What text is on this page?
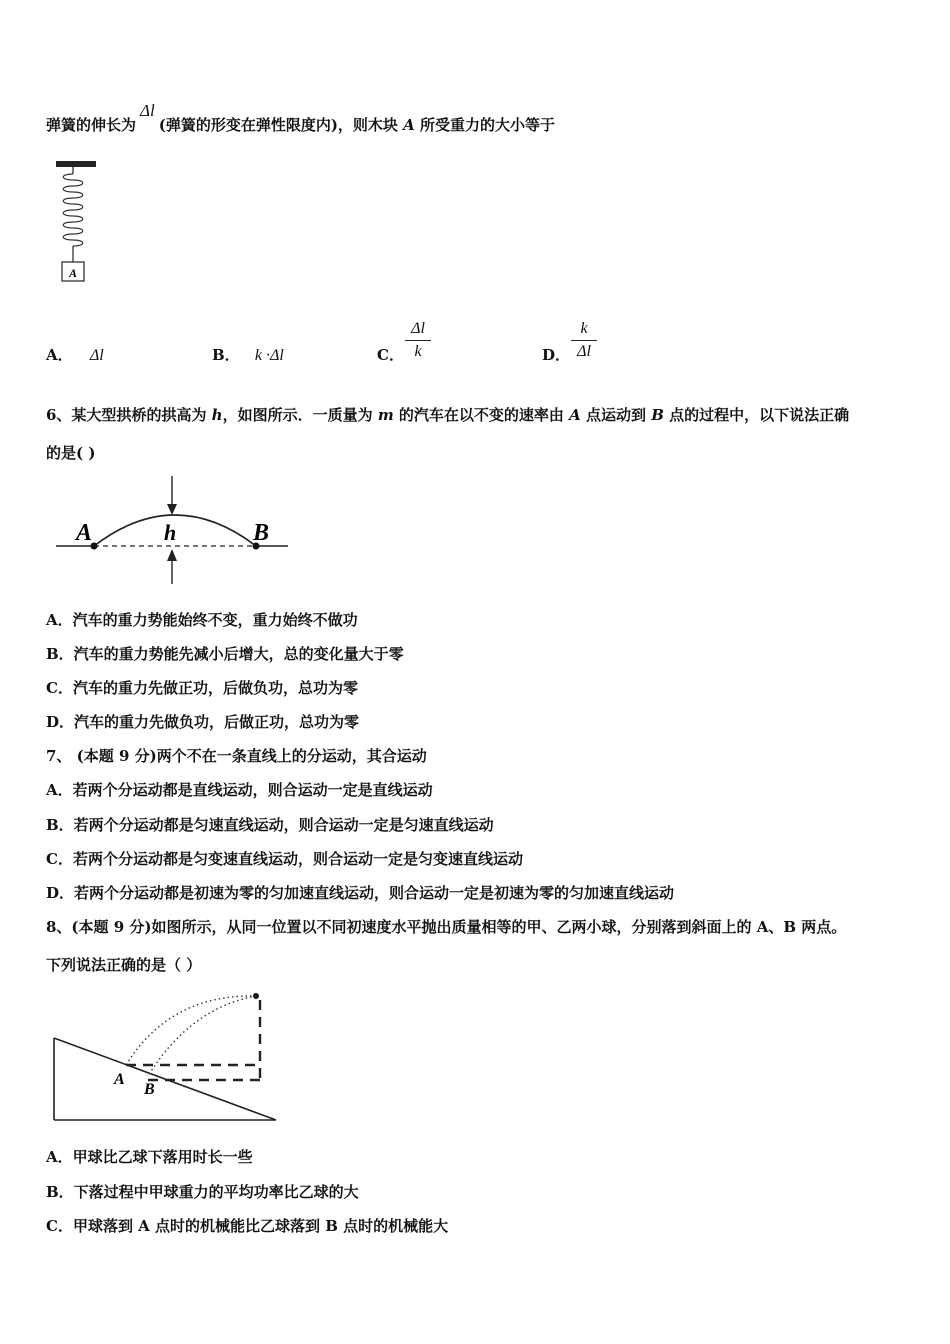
弹簧的伸长为Δl(弹簧的形变在弹性限度内)，则木块 A 所受重力的大小等于
A
A． Δl	B． k ·Δl	C．
Δl
k	D．
k
Δl
6、某大型拱桥的拱高为 h，如图所示．一质量为 m 的汽车在以不变的速率由 A 点运动到 B 点的过程中，以下说法正确
的是( )
A	h	B
A．汽车的重力势能始终不变，重力始终不做功
B．汽车的重力势能先减小后增大，总的变化量大于零
C．汽车的重力先做正功，后做负功，总功为零
D．汽车的重力先做负功，后做正功，总功为零
7、 (本题 9 分)两个不在一条直线上的分运动，其合运动
A．若两个分运动都是直线运动，则合运动一定是直线运动
B．若两个分运动都是匀速直线运动，则合运动一定是匀速直线运动
C．若两个分运动都是匀变速直线运动，则合运动一定是匀变速直线运动
D．若两个分运动都是初速为零的匀加速直线运动，则合运动一定是初速为零的匀加速直线运动
8、(本题 9 分)如图所示，从同一位置以不同初速度水平抛出质量相等的甲、乙两小球，分别落到斜面上的 A、B 两点。
下列说法正确的是（ ）
A
B
A．甲球比乙球下落用时长一些
B．下落过程中甲球重力的平均功率比乙球的大
C．甲球落到 A 点时的机械能比乙球落到 B 点时的机械能大
